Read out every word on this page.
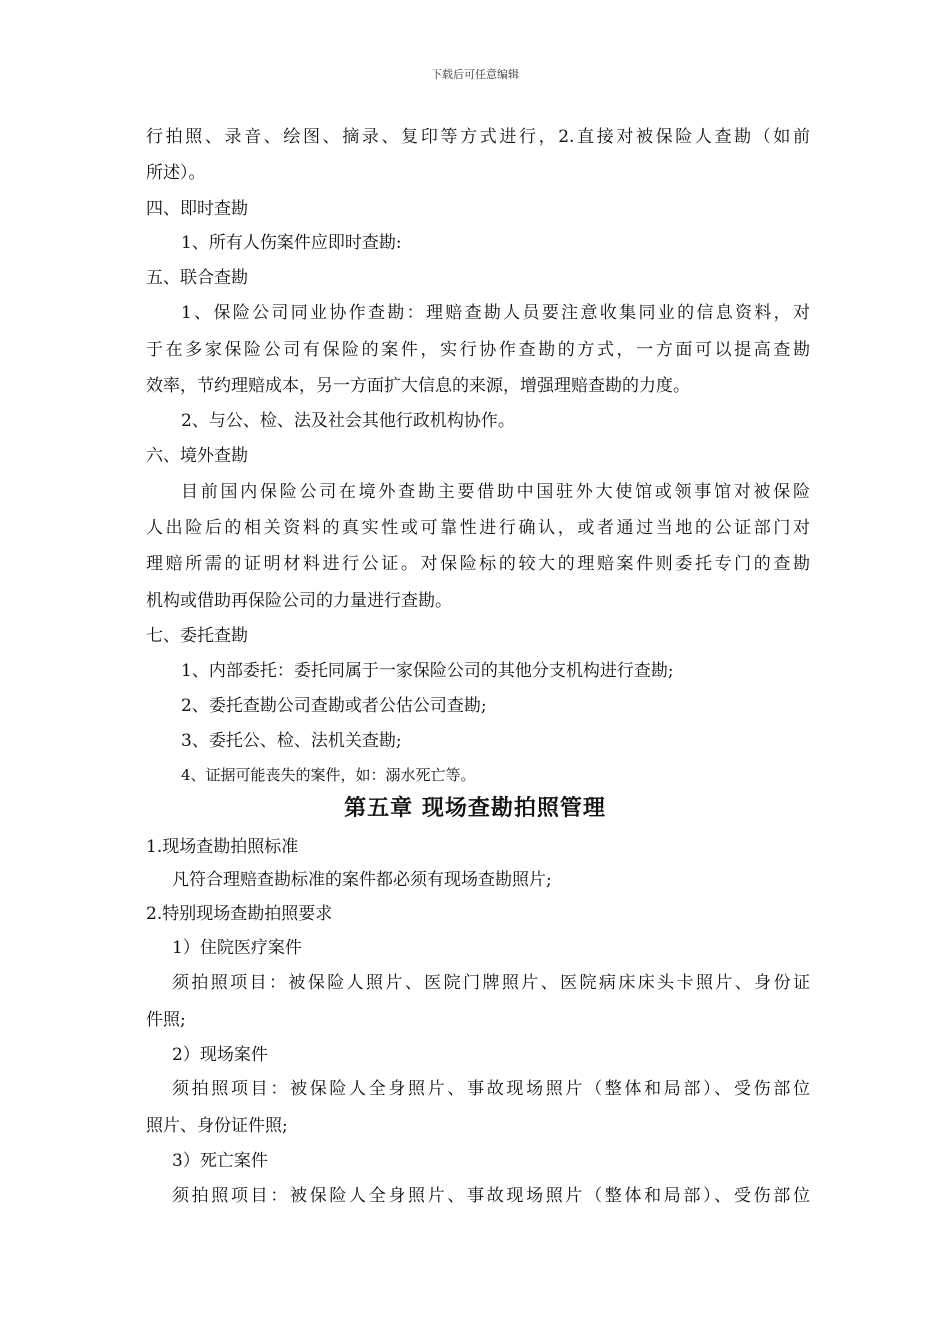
下载后可任意编辑
行拍照、录音、绘图、摘录、复印等方式进行，2.直接对被保险人查勘（如前
所述）。
四、即时查勘
1、所有人伤案件应即时查勘:
五、联合查勘
1、保险公司同业协作查勘：理赔查勘人员要注意收集同业的信息资料，对
于在多家保险公司有保险的案件，实行协作查勘的方式，一方面可以提高查勘
效率，节约理赔成本，另一方面扩大信息的来源，增强理赔查勘的力度。
2、与公、检、法及社会其他行政机构协作。
六、境外查勘
目前国内保险公司在境外查勘主要借助中国驻外大使馆或领事馆对被保险
人出险后的相关资料的真实性或可靠性进行确认，或者通过当地的公证部门对
理赔所需的证明材料进行公证。对保险标的较大的理赔案件则委托专门的查勘
机构或借助再保险公司的力量进行查勘。
七、委托查勘
1、内部委托：委托同属于一家保险公司的其他分支机构进行查勘;
2、委托查勘公司查勘或者公估公司查勘;
3、委托公、检、法机关查勘;
4、证据可能丧失的案件，如：溺水死亡等。
第五章 现场查勘拍照管理
1.现场查勘拍照标准
凡符合理赔查勘标准的案件都必须有现场查勘照片;
2.特别现场查勘拍照要求
1）住院医疗案件
须拍照项目：被保险人照片、医院门牌照片、医院病床床头卡照片、身份证
件照;
2）现场案件
须拍照项目：被保险人全身照片、事故现场照片（整体和局部）、受伤部位
照片、身份证件照;
3）死亡案件
须拍照项目：被保险人全身照片、事故现场照片（整体和局部）、受伤部位
